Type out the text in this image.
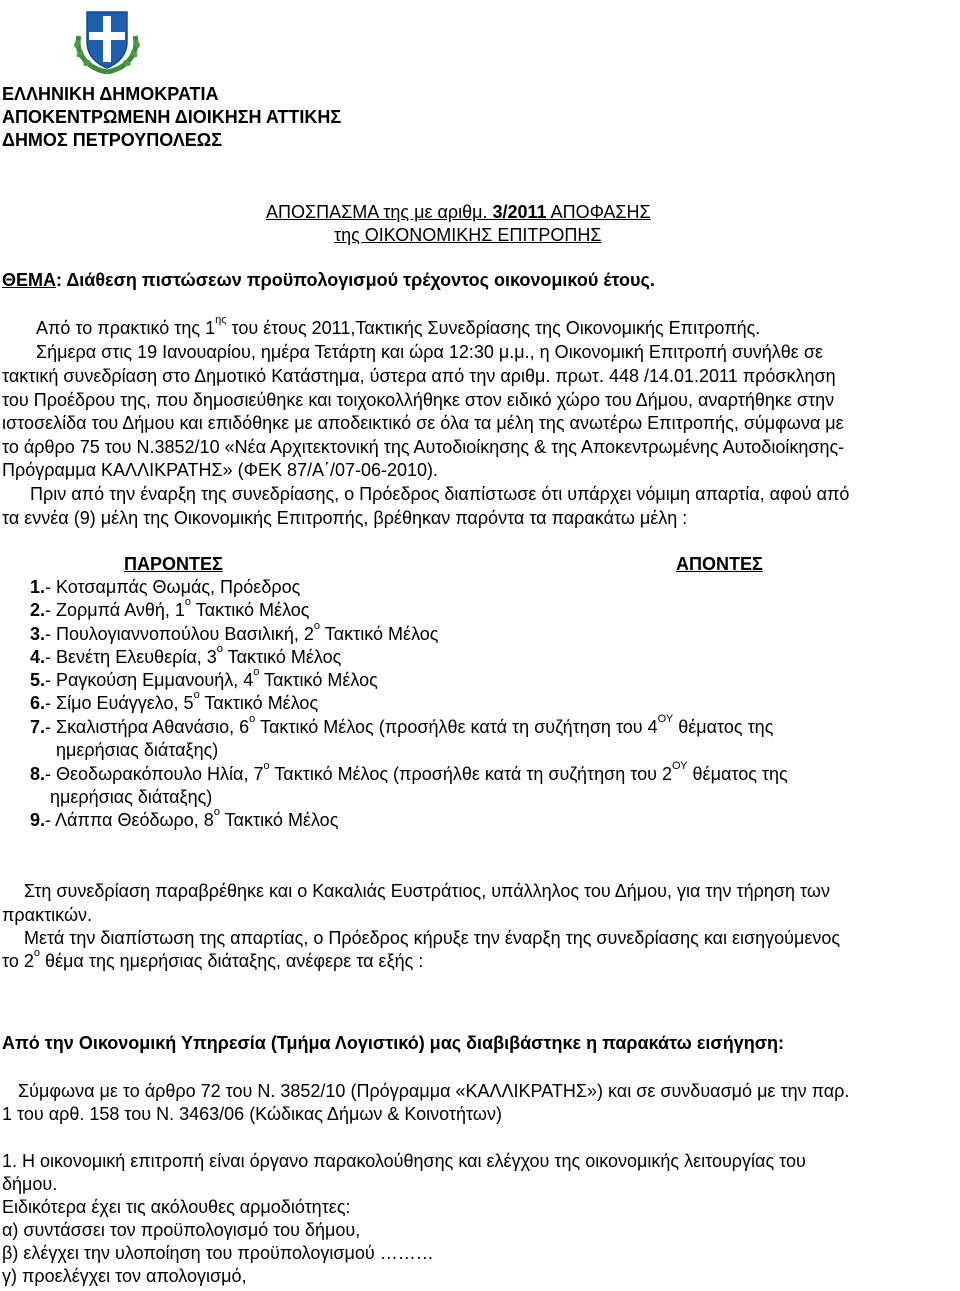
ΕΛΛΗΝΙΚΗ ΔΗΜΟΚΡΑΤΙΑ
ΑΠΟΚΕΝΤΡΩΜΕΝΗ ΔΙΟΙΚΗΣΗ ΑΤΤΙΚΗΣ
ΔΗΜΟΣ ΠΕΤΡΟΥΠΟΛΕΩΣ
ΑΠΟΣΠΑΣΜΑ της με αριθμ. 3/2011 ΑΠΟΦΑΣΗΣ
της ΟΙΚΟΝΟΜΙΚΗΣ ΕΠΙΤΡΟΠΗΣ
ΘΕΜΑ: Διάθεση πιστώσεων προϋπολογισμού τρέχοντος οικονομικού έτους.
Από το πρακτικό της $1^{\eta\varsigma}$ του έτους 2011,Τακτικής Συνεδρίασης της Οικονομικής Επιτροπής.
Σήμερα στις 19 Ιανουαρίου, ημέρα Τετάρτη και ώρα 12:30 μ.μ., η Οικονομική Επιτροπή συνήλθε σε
τακτική συνεδρίαση στο Δημοτικό Κατάστημα, ύστερα από την αριθμ. πρωτ. 448 /14.01.2011 πρόσκληση
του Προέδρου της, που δημοσιεύθηκε και τοιχοκολλήθηκε στον ειδικό χώρο του Δήμου, αναρτήθηκε στην
ιστοσελίδα του Δήμου και επιδόθηκε με αποδεικτικό σε όλα τα μέλη της ανωτέρω Επιτροπής, σύμφωνα με
το άρθρο 75 του Ν.3852/10 «Νέα Αρχιτεκτονική της Αυτοδιοίκησης & της Αποκεντρωμένης Αυτοδιοίκησης-
Πρόγραμμα ΚΑΛΛΙΚΡΑΤΗΣ» (ΦΕΚ 87/Α΄/07-06-2010).
Πριν από την έναρξη της συνεδρίασης, ο Πρόεδρος διαπίστωσε ότι υπάρχει νόμιμη απαρτία, αφού από
τα εννέα (9) μέλη της Οικονομικής Επιτροπής, βρέθηκαν παρόντα τα παρακάτω μέλη :
ΠΑΡΟΝΤΕΣ	ΑΠΟΝΤΕΣ
1.- Κοτσαμπάς Θωμάς, Πρόεδρος
2.- Ζορμπά Ανθή, $1^o$ Τακτικό Μέλος
3.- Πουλογιαννοπούλου Βασιλική, $2^o$ Τακτικό Μέλος
4.- Βενέτη Ελευθερία, $3^o$ Τακτικό Μέλος
5.- Ραγκούση Εμμανουήλ, $4^o$ Τακτικό Μέλος
6.- Σίμο Ευάγγελο, $5^o$ Τακτικό Μέλος
7.- Σκαλιστήρα Αθανάσιο, $6^o$ Τακτικό Μέλος (προσήλθε κατά τη συζήτηση του $4^{O\Upsilon}$ θέματος της
ημερήσιας διάταξης)
8.- Θεοδωρακόπουλο Ηλία, $7^o$ Τακτικό Μέλος (προσήλθε κατά τη συζήτηση του $2^{O\Upsilon}$ θέματος της
ημερήσιας διάταξης)
9.- Λάππα Θεόδωρο, $8^o$ Τακτικό Μέλος
Στη συνεδρίαση παραβρέθηκε και ο Κακαλιάς Ευστράτιος, υπάλληλος του Δήμου, για την τήρηση των
πρακτικών.
Μετά την διαπίστωση της απαρτίας, ο Πρόεδρος κήρυξε την έναρξη της συνεδρίασης και εισηγούμενος
το $2^o$ θέμα της ημερήσιας διάταξης, ανέφερε τα εξής :
Από την Οικονομική Υπηρεσία (Τμήμα Λογιστικό) μας διαβιβάστηκε η παρακάτω εισήγηση:
Σύμφωνα με το άρθρο 72 του Ν. 3852/10 (Πρόγραμμα «ΚΑΛΛΙΚΡΑΤΗΣ») και σε συνδυασμό με την παρ.
1 του αρθ. 158 του Ν. 3463/06 (Κώδικας Δήμων & Κοινοτήτων)
1. Η οικονομική επιτροπή είναι όργανο παρακολούθησης και ελέγχου της οικονομικής λειτουργίας του
δήμου.
Ειδικότερα έχει τις ακόλουθες αρμοδιότητες:
α) συντάσσει τον προϋπολογισμό του δήμου,
β) ελέγχει την υλοποίηση του προϋπολογισμού ………
γ) προελέγχει τον απολογισμό,
